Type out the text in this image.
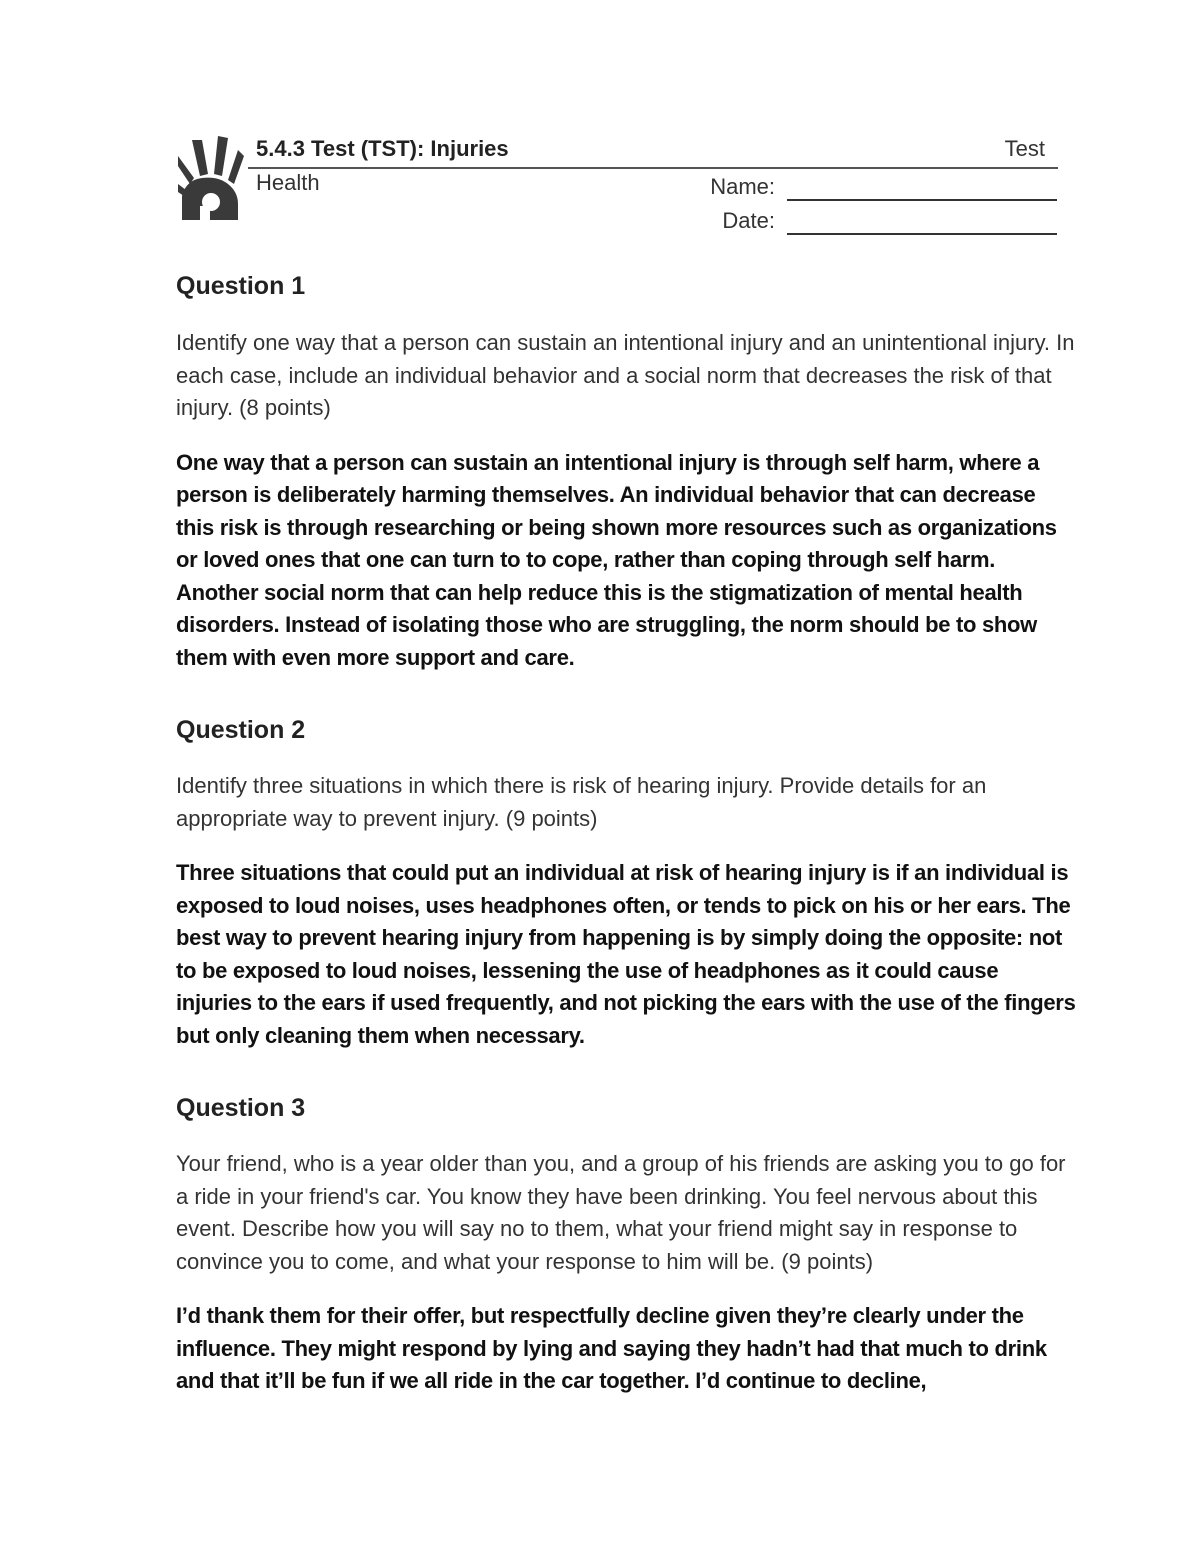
5.4.3 Test (TST): Injuries	Test
Health	Name:
Date:
Question 1

Identify one way that a person can sustain an intentional injury and an unintentional injury. In each case, include an individual behavior and a social norm that decreases the risk of that injury. (8 points)

One way that a person can sustain an intentional injury is through self harm, where a person is deliberately harming themselves. An individual behavior that can decrease this risk is through researching or being shown more resources such as organizations or loved ones that one can turn to to cope, rather than coping through self harm. Another social norm that can help reduce this is the stigmatization of mental health disorders. Instead of isolating those who are struggling, the norm should be to show them with even more support and care.

Question 2

Identify three situations in which there is risk of hearing injury. Provide details for an appropriate way to prevent injury. (9 points)

Three situations that could put an individual at risk of hearing injury is if an individual is exposed to loud noises, uses headphones often, or tends to pick on his or her ears. The best way to prevent hearing injury from happening is by simply doing the opposite: not to be exposed to loud noises, lessening the use of headphones as it could cause injuries to the ears if used frequently, and not picking the ears with the use of the fingers but only cleaning them when necessary.

Question 3

Your friend, who is a year older than you, and a group of his friends are asking you to go for a ride in your friend's car. You know they have been drinking. You feel nervous about this event. Describe how you will say no to them, what your friend might say in response to convince you to come, and what your response to him will be. (9 points)

I’d thank them for their offer, but respectfully decline given they’re clearly under the influence. They might respond by lying and saying they hadn’t had that much to drink and that it’ll be fun if we all ride in the car together. I’d continue to decline,
